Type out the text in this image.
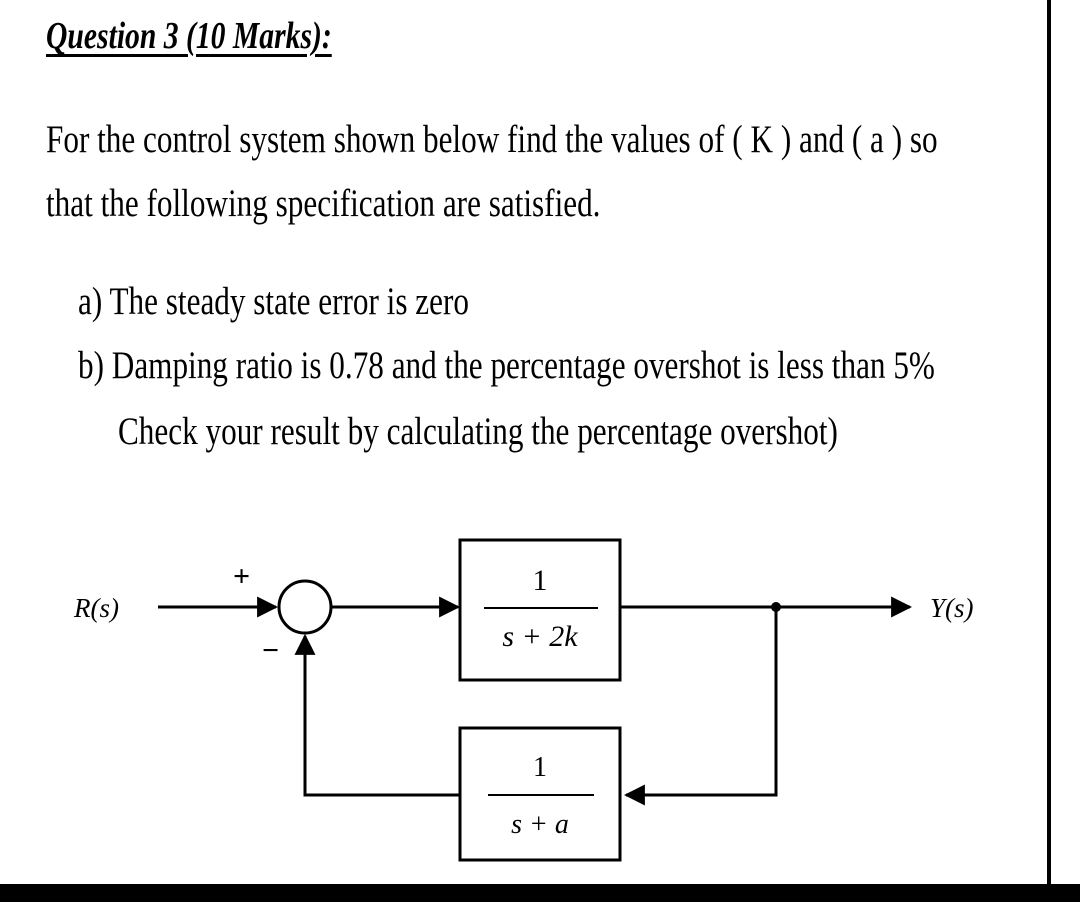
Question 3 (10 Marks):
For the control system shown below find the values of ( K ) and ( a ) so
that the following specification are satisfied.
a) The steady state error is zero
b) Damping ratio is 0.78 and the percentage overshot is less than 5%
Check your result by calculating the percentage overshot)
R(s)
+
−
1
s + 2k
Y(s)
1
s + a
